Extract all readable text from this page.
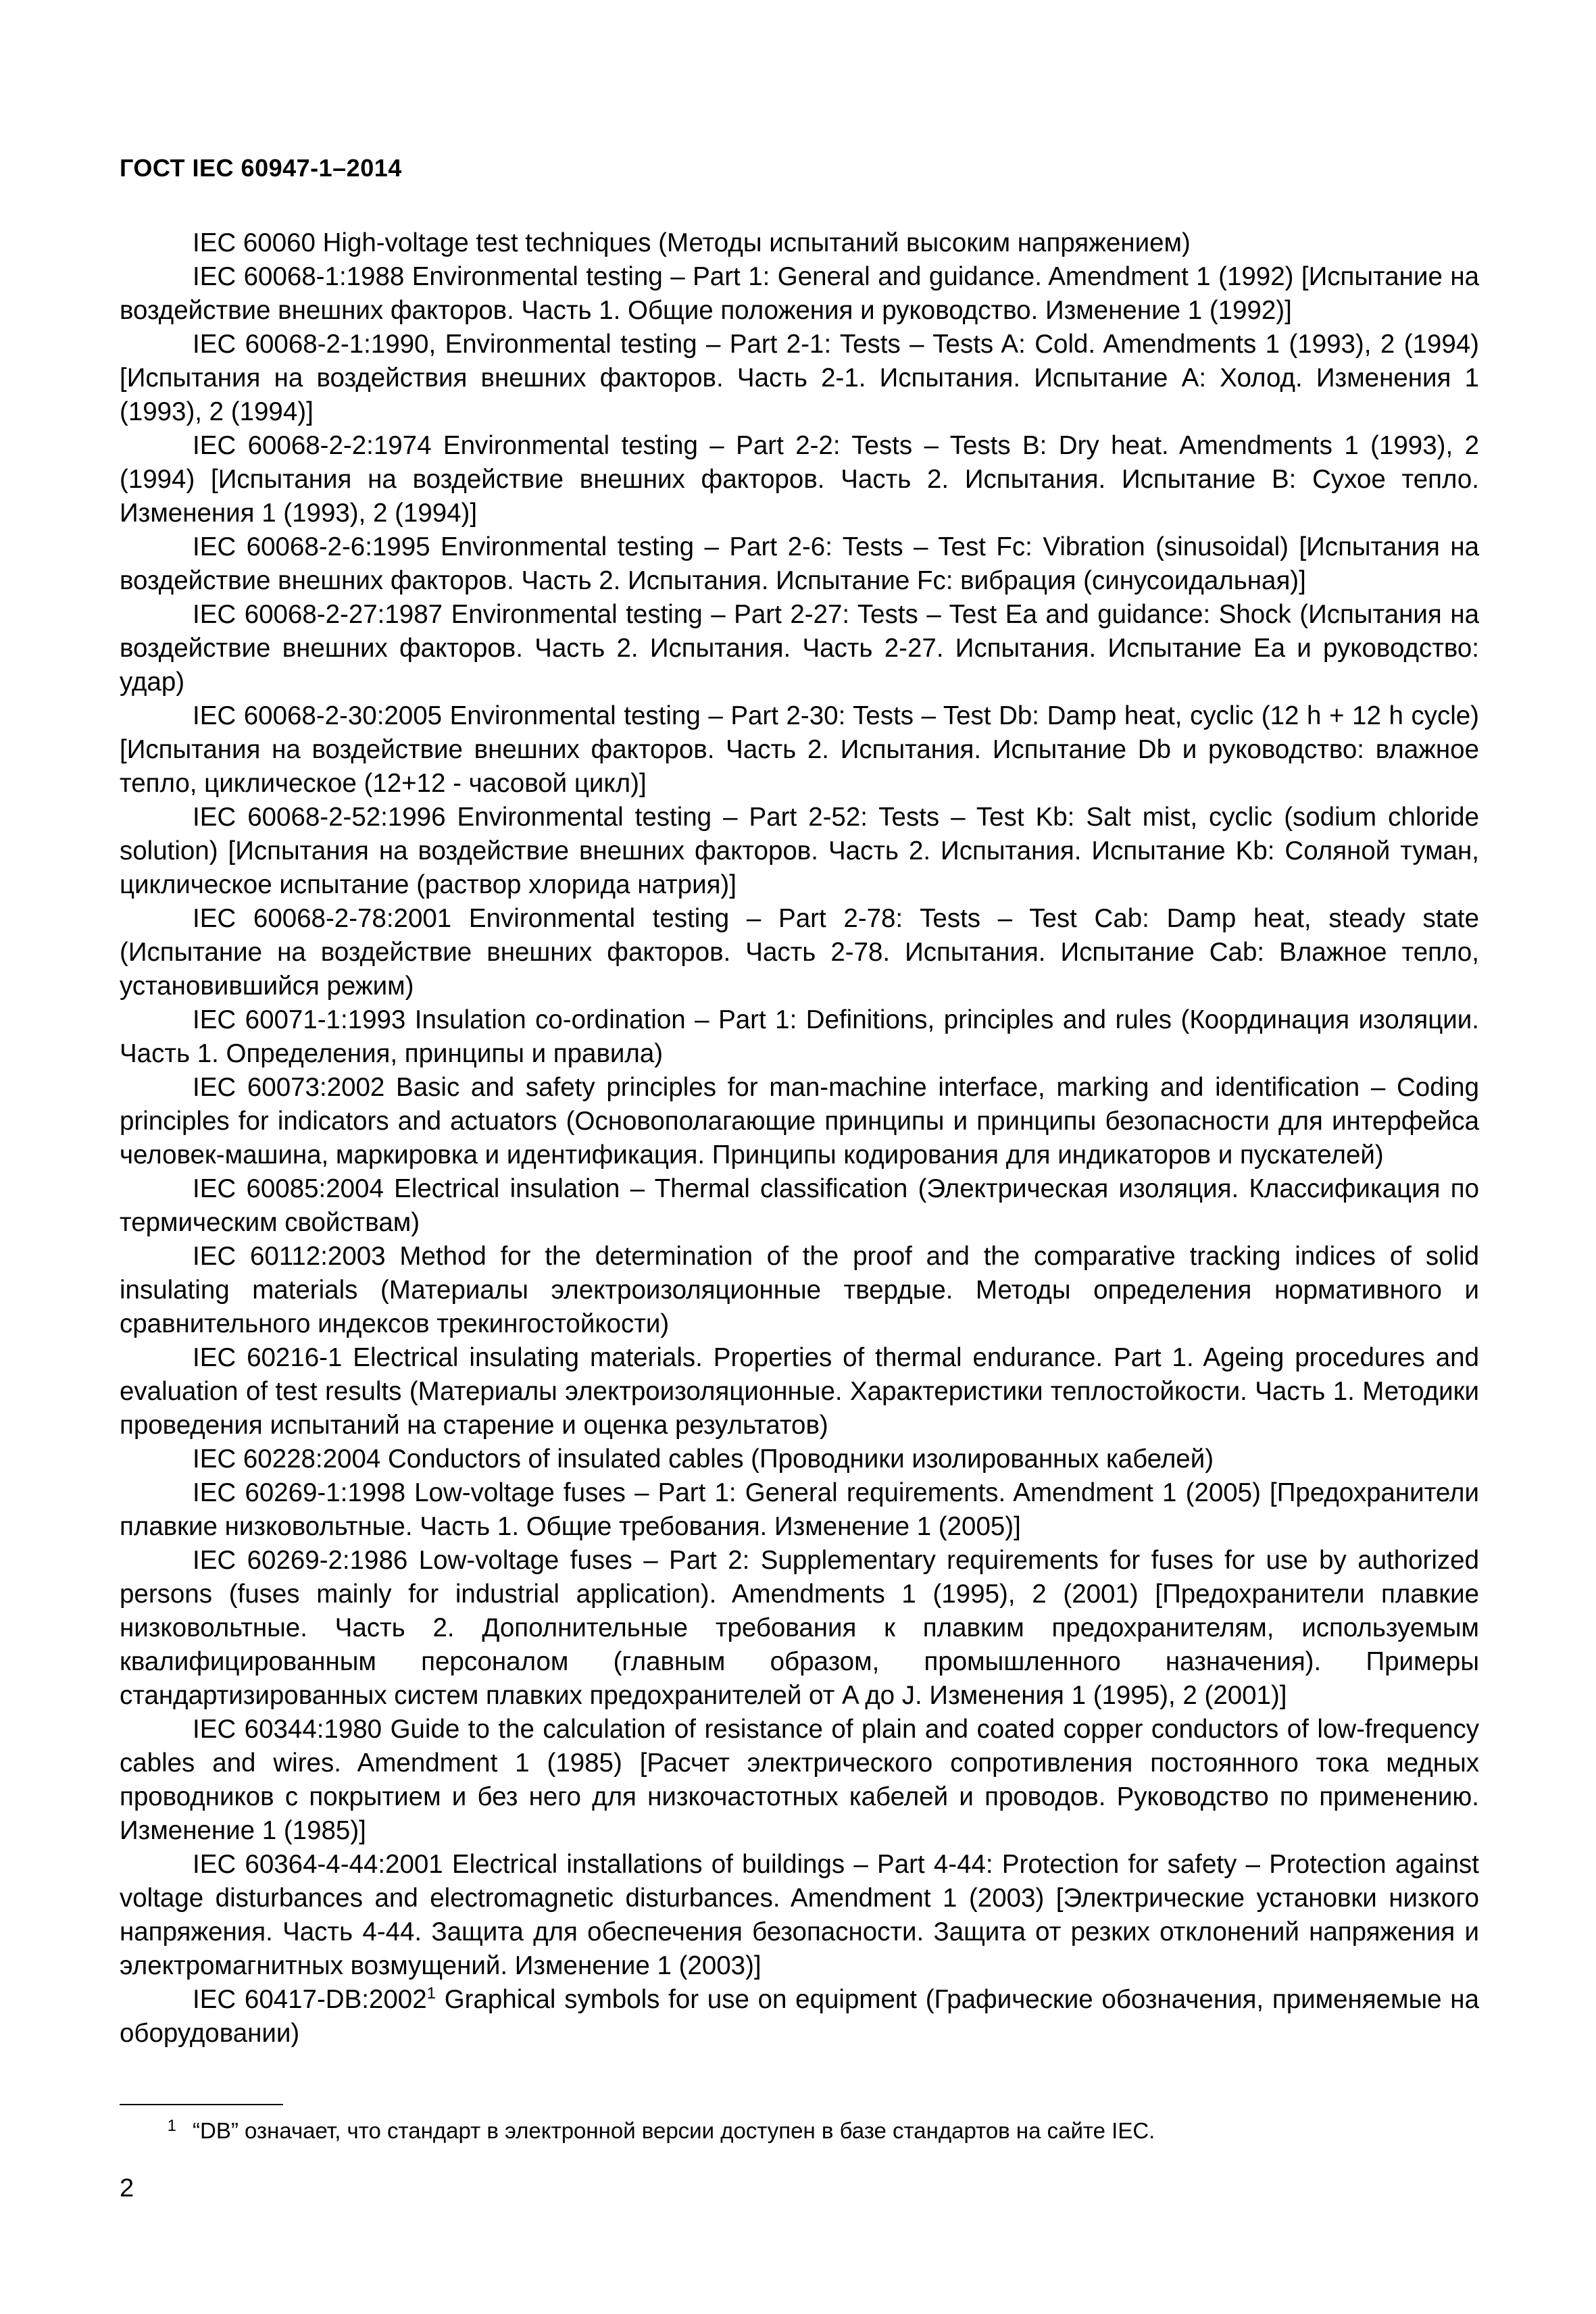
ГОСТ IEC 60947-1–2014

IEC 60060 High-voltage test techniques (Методы испытаний высоким напряжением)

IEC 60068-1:1988 Environmental testing – Part 1: General and guidance. Amendment 1 (1992) [Испытание на воздействие внешних факторов. Часть 1. Общие положения и руководство. Изменение 1 (1992)]

IEC 60068-2-1:1990, Environmental testing – Part 2-1: Tests – Tests A: Cold. Amendments 1 (1993), 2 (1994) [Испытания на воздействия внешних факторов. Часть 2-1. Испытания. Испытание A: Холод. Изменения 1 (1993), 2 (1994)]

IEC 60068-2-2:1974 Environmental testing – Part 2-2: Tests – Tests B: Dry heat. Amendments 1 (1993), 2 (1994) [Испытания на воздействие внешних факторов. Часть 2. Испытания. Испытание B: Сухое тепло. Изменения 1 (1993), 2 (1994)]

IEC 60068-2-6:1995 Environmental testing – Part 2-6: Tests – Test Fc: Vibration (sinusoidal) [Испытания на воздействие внешних факторов. Часть 2. Испытания. Испытание Fc: вибрация (синусоидальная)]

IEC 60068-2-27:1987 Environmental testing – Part 2-27: Tests – Test Ea and guidance: Shock (Испытания на воздействие внешних факторов. Часть 2. Испытания. Часть 2-27. Испытания. Испытание Ea и руководство: удар)

IEC 60068-2-30:2005 Environmental testing – Part 2-30: Tests – Test Db: Damp heat, cyclic (12 h + 12 h cycle) [Испытания на воздействие внешних факторов. Часть 2. Испытания. Испытание Db и руководство: влажное тепло, циклическое (12+12 - часовой цикл)]

IEC 60068-2-52:1996 Environmental testing – Part 2-52: Tests – Test Kb: Salt mist, cyclic (sodium chloride solution) [Испытания на воздействие внешних факторов. Часть 2. Испытания. Испытание Kb: Соляной туман, циклическое испытание (раствор хлорида натрия)]

IEC 60068-2-78:2001 Environmental testing – Part 2-78: Tests – Test Cab: Damp heat, steady state (Испытание на воздействие внешних факторов. Часть 2-78. Испытания. Испытание Cab: Влажное тепло, установившийся режим)

IEC 60071-1:1993 Insulation co-ordination – Part 1: Definitions, principles and rules (Координация изоляции. Часть 1. Определения, принципы и правила)

IEC 60073:2002 Basic and safety principles for man-machine interface, marking and identification – Coding principles for indicators and actuators (Основополагающие принципы и принципы безопасности для интерфейса человек-машина, маркировка и идентификация. Принципы кодирования для индикаторов и пускателей)

IEC 60085:2004 Electrical insulation – Thermal classification (Электрическая изоляция. Классификация по термическим свойствам)

IEC 60112:2003 Method for the determination of the proof and the comparative tracking indices of solid insulating materials (Материалы электроизоляционные твердые. Методы определения нормативного и сравнительного индексов трекингостойкости)

IEC 60216-1 Electrical insulating materials. Properties of thermal endurance. Part 1. Ageing procedures and evaluation of test results (Материалы электроизоляционные. Характеристики теплостойкости. Часть 1. Методики проведения испытаний на старение и оценка результатов)

IEC 60228:2004 Conductors of insulated cables (Проводники изолированных кабелей)

IEC 60269-1:1998 Low-voltage fuses – Part 1: General requirements. Amendment 1 (2005) [Предохранители плавкие низковольтные. Часть 1. Общие требования. Изменение 1 (2005)]

IEC 60269-2:1986 Low-voltage fuses – Part 2: Supplementary requirements for fuses for use by authorized persons (fuses mainly for industrial application). Amendments 1 (1995), 2 (2001) [Предохранители плавкие низковольтные. Часть 2. Дополнительные требования к плавким предохранителям, используемым квалифицированным персоналом (главным образом, промышленного назначения). Примеры стандартизированных систем плавких предохранителей от A до J. Изменения 1 (1995), 2 (2001)]

IEC 60344:1980 Guide to the calculation of resistance of plain and coated copper conductors of low-frequency cables and wires. Amendment 1 (1985) [Расчет электрического сопротивления постоянного тока медных проводников с покрытием и без него для низкочастотных кабелей и проводов. Руководство по применению. Изменение 1 (1985)]

IEC 60364-4-44:2001 Electrical installations of buildings – Part 4-44: Protection for safety – Protection against voltage disturbances and electromagnetic disturbances. Amendment 1 (2003) [Электрические установки низкого напряжения. Часть 4-44. Защита для обеспечения безопасности. Защита от резких отклонений напряжения и электромагнитных возмущений. Изменение 1 (2003)]

IEC 60417-DB:2002$^1$ Graphical symbols for use on equipment (Графические обозначения, применяемые на оборудовании)

1 “DB” означает, что стандарт в электронной версии доступен в базе стандартов на сайте IEC.
2
